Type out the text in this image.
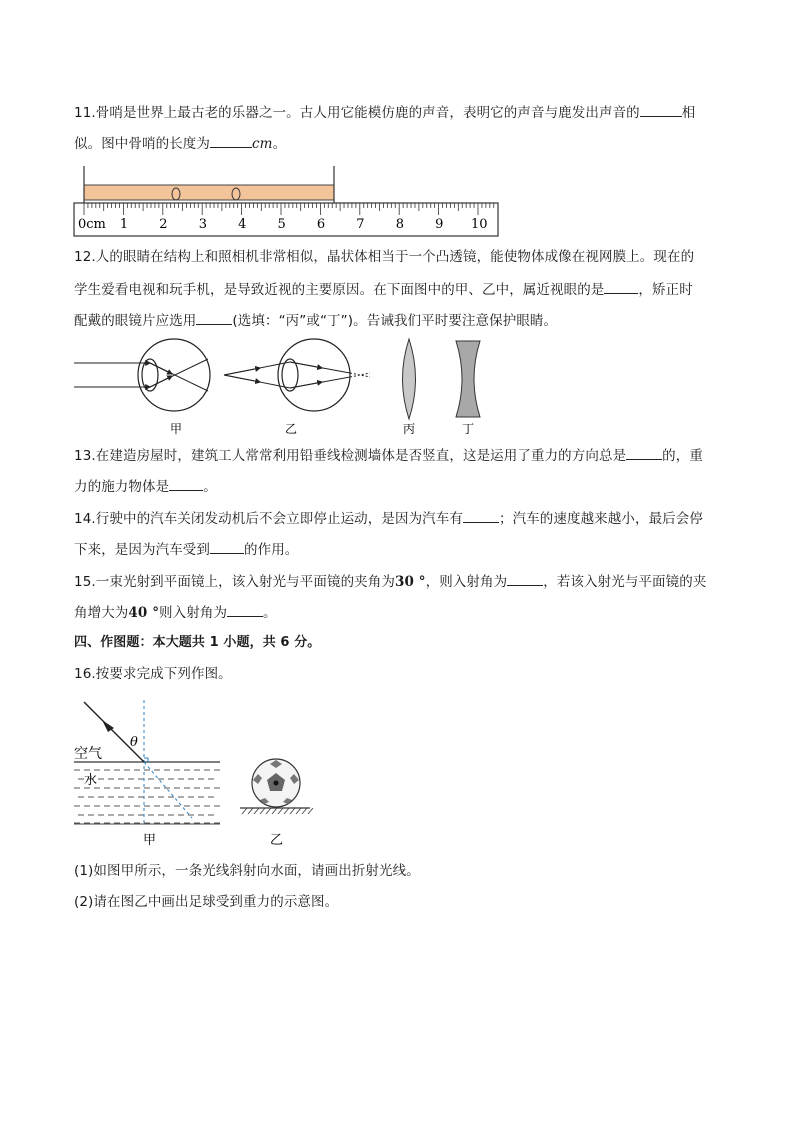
11.骨哨是世界上最古老的乐器之一。古人用它能模仿鹿的声音，表明它的声音与鹿发出声音的	相
似。图中骨哨的长度为	cm。
0cm 1 2 3 4 5 6 7 8 9 10
12.人的眼睛在结构上和照相机非常相似，晶状体相当于一个凸透镜，能使物体成像在视网膜上。现在的
学生爱看电视和玩手机，是导致近视的主要原因。在下面图中的甲、乙中，属近视眼的是	，矫正时
配戴的眼镜片应选用	(选填：“丙”或“丁”)。告诫我们平时要注意保护眼睛。
甲	乙	丙	丁
13.在建造房屋时，建筑工人常常利用铅垂线检测墙体是否竖直，这是运用了重力的方向总是	的，重
力的施力物体是	。
14.行驶中的汽车关闭发动机后不会立即停止运动，是因为汽车有	；汽车的速度越来越小，最后会停
下来，是因为汽车受到	的作用。
15.一束光射到平面镜上，该入射光与平面镜的夹角为30 °，则入射角为	，若该入射光与平面镜的夹
角增大为40 °则入射角为	。
四、作图题：本大题共 1 小题，共 6 分。
16.按要求完成下列作图。
θ
空气
水
甲	乙
(1)如图甲所示，一条光线斜射向水面，请画出折射光线。
(2)请在图乙中画出足球受到重力的示意图。
